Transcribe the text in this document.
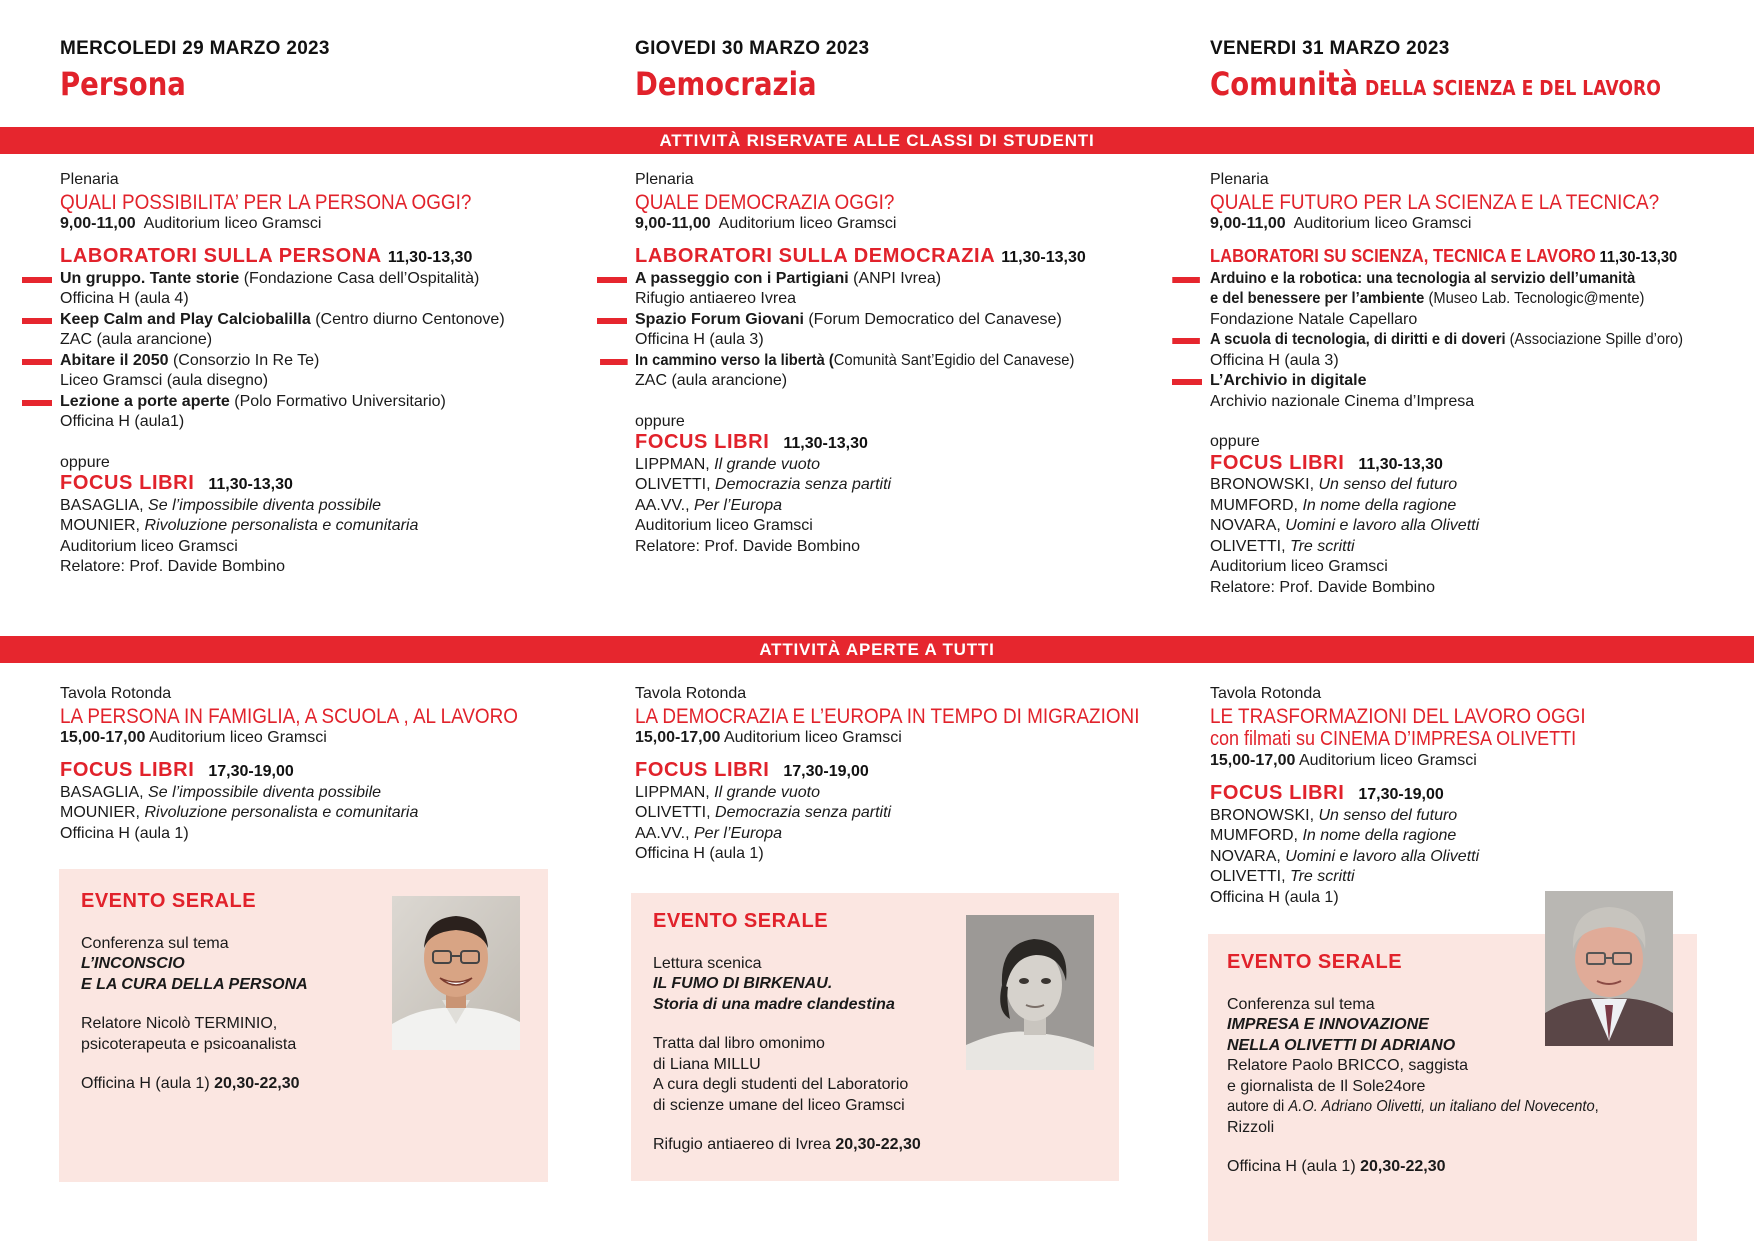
MERCOLEDI 29 MARZO 2023
Persona
GIOVEDI 30 MARZO 2023
Democrazia
VENERDI 31 MARZO 2023
Comunità DELLA SCIENZA E DEL LAVORO
ATTIVITÀ RISERVATE ALLE CLASSI DI STUDENTI
Plenaria
QUALI POSSIBILITA’ PER LA PERSONA OGGI?
9,00-11,00 Auditorium liceo Gramsci
LABORATORI SULLA PERSONA 11,30-13,30
Un gruppo. Tante storie (Fondazione Casa dell’Ospitalità)
Officina H (aula 4)
Keep Calm and Play Calciobalilla (Centro diurno Centonove)
ZAC (aula arancione)
Abitare il 2050 (Consorzio In Re Te)
Liceo Gramsci (aula disegno)
Lezione a porte aperte (Polo Formativo Universitario)
Officina H (aula1)
oppure
FOCUS LIBRI 11,30-13,30
BASAGLIA, Se l’impossibile diventa possibile
MOUNIER, Rivoluzione personalista e comunitaria
Auditorium liceo Gramsci
Relatore: Prof. Davide Bombino
Plenaria
QUALE DEMOCRAZIA OGGI?
9,00-11,00 Auditorium liceo Gramsci
LABORATORI SULLA DEMOCRAZIA 11,30-13,30
A passeggio con i Partigiani (ANPI Ivrea)
Rifugio antiaereo Ivrea
Spazio Forum Giovani (Forum Democratico del Canavese)
Officina H (aula 3)
In cammino verso la libertà (Comunità Sant’Egidio del Canavese)
ZAC (aula arancione)
oppure
FOCUS LIBRI 11,30-13,30
LIPPMAN, Il grande vuoto
OLIVETTI, Democrazia senza partiti
AA.VV., Per l’Europa
Auditorium liceo Gramsci
Relatore: Prof. Davide Bombino
Plenaria
QUALE FUTURO PER LA SCIENZA E LA TECNICA?
9,00-11,00 Auditorium liceo Gramsci
LABORATORI SU SCIENZA, TECNICA E LAVORO 11,30-13,30
Arduino e la robotica: una tecnologia al servizio dell’umanità
e del benessere per l’ambiente (Museo Lab. Tecnologic@mente)
Fondazione Natale Capellaro
A scuola di tecnologia, di diritti e di doveri (Associazione Spille d’oro)
Officina H (aula 3)
L’Archivio in digitale
Archivio nazionale Cinema d’Impresa
oppure
FOCUS LIBRI 11,30-13,30
BRONOWSKI, Un senso del futuro
MUMFORD, In nome della ragione
NOVARA, Uomini e lavoro alla Olivetti
OLIVETTI, Tre scritti
Auditorium liceo Gramsci
Relatore: Prof. Davide Bombino
ATTIVITÀ APERTE A TUTTI
Tavola Rotonda
LA PERSONA IN FAMIGLIA, A SCUOLA , AL LAVORO
15,00-17,00 Auditorium liceo Gramsci
FOCUS LIBRI 17,30-19,00
BASAGLIA, Se l’impossibile diventa possibile
MOUNIER, Rivoluzione personalista e comunitaria
Officina H (aula 1)
EVENTO SERALE
Conferenza sul tema
L’INCONSCIO
E LA CURA DELLA PERSONA
Relatore Nicolò TERMINIO,
psicoterapeuta e psicoanalista
Officina H (aula 1) 20,30-22,30
Tavola Rotonda
LA DEMOCRAZIA E L’EUROPA IN TEMPO DI MIGRAZIONI
15,00-17,00 Auditorium liceo Gramsci
FOCUS LIBRI 17,30-19,00
LIPPMAN, Il grande vuoto
OLIVETTI, Democrazia senza partiti
AA.VV., Per l’Europa
Officina H (aula 1)
EVENTO SERALE
Lettura scenica
IL FUMO DI BIRKENAU.
Storia di una madre clandestina
Tratta dal libro omonimo
di Liana MILLU
A cura degli studenti del Laboratorio
di scienze umane del liceo Gramsci
Rifugio antiaereo di Ivrea 20,30-22,30
Tavola Rotonda
LE TRASFORMAZIONI DEL LAVORO OGGI
con filmati su CINEMA D’IMPRESA OLIVETTI
15,00-17,00 Auditorium liceo Gramsci
FOCUS LIBRI 17,30-19,00
BRONOWSKI, Un senso del futuro
MUMFORD, In nome della ragione
NOVARA, Uomini e lavoro alla Olivetti
OLIVETTI, Tre scritti
Officina H (aula 1)
EVENTO SERALE
Conferenza sul tema
IMPRESA E INNOVAZIONE
NELLA OLIVETTI DI ADRIANO
Relatore Paolo BRICCO, saggista
e giornalista de Il Sole24ore
autore di A.O. Adriano Olivetti, un italiano del Novecento,
Rizzoli
Officina H (aula 1) 20,30-22,30
